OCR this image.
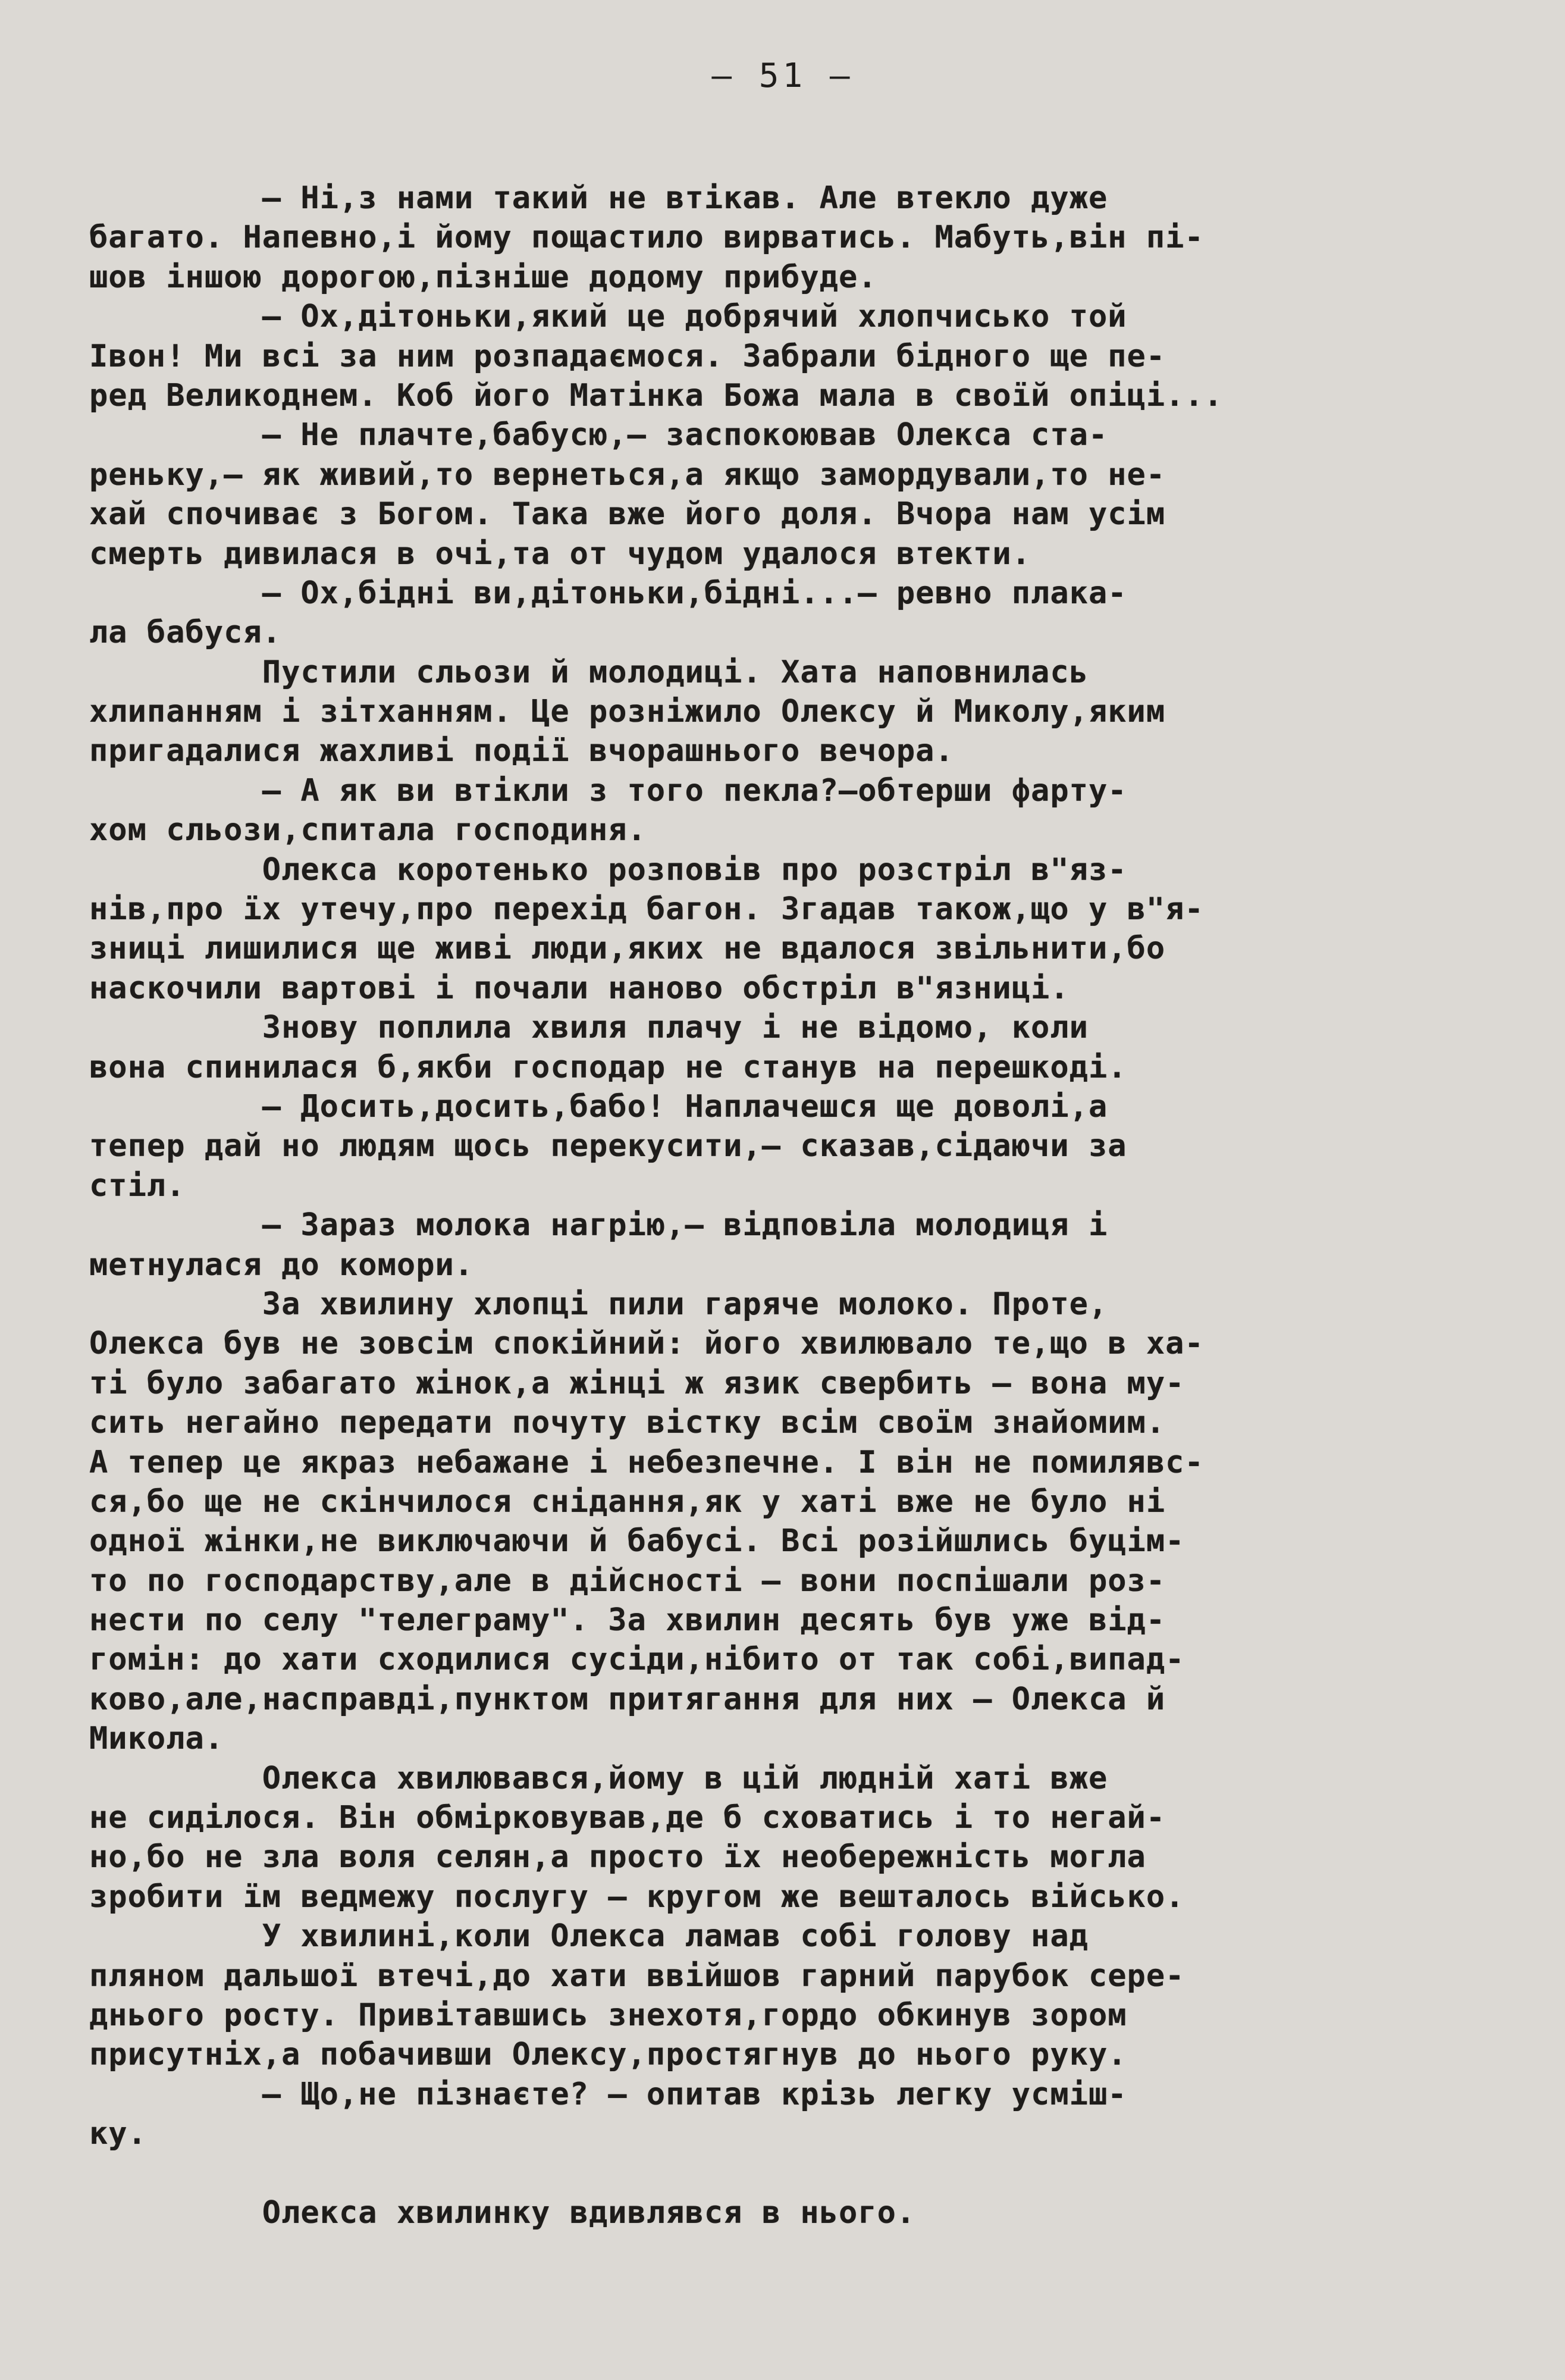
– 51 –
– Ні,з нами такий не втікав. Але втекло дуже
багато. Напевно,і йому пощастило вирватись. Мабуть,він пі-
шов іншою дорогою,пізніше додому прибуде.
– Ох,дітоньки,який це добрячий хлопчисько той
Івон! Ми всі за ним розпадаємося. Забрали бідного ще пе-
ред Великоднем. Коб його Матінка Божа мала в своїй опіці...
– Не плачте,бабусю,– заспокоював Олекса ста-
реньку,– як живий,то вернеться,а якщо замордували,то не-
хай спочиває з Богом. Така вже його доля. Вчора нам усім
смерть дивилася в очі,та от чудом удалося втекти.
– Ох,бідні ви,дітоньки,бідні...– ревно плака-
ла бабуся.
Пустили сльози й молодиці. Хата наповнилась
хлипанням і зітханням. Це розніжило Олексу й Миколу,яким
пригадалися жахливі події вчорашнього вечора.
– А як ви втікли з того пекла?–обтерши фарту-
хом сльози,спитала господиня.
Олекса коротенько розповів про розстріл в"яз-
нів,про їх утечу,про перехід багон. Згадав також,що у в"я-
зниці лишилися ще живі люди,яких не вдалося звільнити,бо
наскочили вартові і почали наново обстріл в"язниці.
Знову поплила хвиля плачу і не відомо, коли
вона спинилася б,якби господар не станув на перешкоді.
– Досить,досить,бабо! Наплачешся ще доволі,а
тепер дай но людям щось перекусити,– сказав,сідаючи за
стіл.
– Зараз молока нагрію,– відповіла молодиця і
метнулася до комори.
За хвилину хлопці пили гаряче молоко. Проте,
Олекса був не зовсім спокійний: його хвилювало те,що в ха-
ті було забагато жінок,а жінці ж язик свербить – вона му-
сить негайно передати почуту вістку всім своїм знайомим.
А тепер це якраз небажане і небезпечне. І він не помилявс-
ся,бо ще не скінчилося снідання,як у хаті вже не було ні
одної жінки,не виключаючи й бабусі. Всі розійшлись буцім-
то по господарству,але в дійсності – вони поспішали роз-
нести по селу "телеграму". За хвилин десять був уже від-
гомін: до хати сходилися сусіди,нібито от так собі,випад-
ково,але,насправді,пунктом притягання для них – Олекса й
Микола.
Олекса хвилювався,йому в цій людній хаті вже
не сиділося. Він обмірковував,де б сховатись і то негай-
но,бо не зла воля селян,а просто їх необережність могла
зробити їм ведмежу послугу – кругом же вешталось військо.
У хвилині,коли Олекса ламав собі голову над
пляном дальшої втечі,до хати ввійшов гарний парубок сере-
днього росту. Привітавшись знехотя,гордо обкинув зором
присутніх,а побачивши Олексу,простягнув до нього руку.
– Що,не пізнаєте? – опитав крізь легку усміш-
ку.
Олекса хвилинку вдивлявся в нього.
